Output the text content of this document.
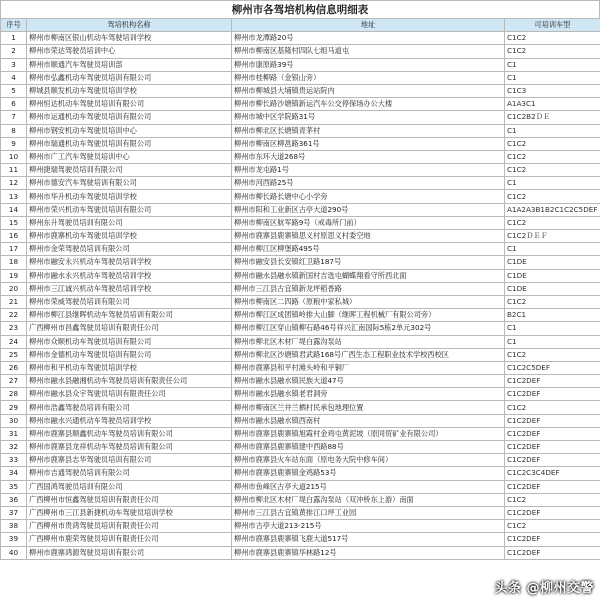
柳州市各驾培机构信息明细表
序号	驾培机构名称	地址	可培训车型
1	柳州市柳南区银山机动车驾驶培训学校	柳州市龙潭路20号	C1C2
2	柳州市荣达驾驶员培训中心	柳州市柳南区基隆村四队七组马道屯	C1C2
3	柳州市顺通汽车驾驶员培训部	柳州市康原路39号	C1
4	柳州市弘鑫机动车驾驶员培训有限公司	柳州市桂柳路（金银山旁）	C1
5	柳城县顺发机动车驾驶员培训学校	柳州市柳城县大埔镇贵运站院内	C1C3
6	柳州恒达机动车驾驶员培训有限公司	柳州市柳长路沙塘镇新运汽车公交停保场办公大楼	A1A3C1
7	柳州市运通机动车驾驶员培训有限公司	柳州市城中区学院路31号	C1C2B2ＤＥ
8	柳州市钢安机动车驾驶员培训中心	柳州市柳北区长塘镇青茅村	C1
9	柳州市瑞通机动车驾驶员培训有限公司	柳州市柳南区柳邕路361号	C1C2
10	柳州市广工汽车驾驶员培训中心	柳州市东环大道268号	C1C2
11	柳州捷瑞驾驶员培训有限公司	柳州市龙屯路1号	C1C2
12	柳州市德安汽车驾驶培训有限公司	柳州市河西路25号	C1
13	柳州市华升机动车驾驶员培训学校	柳州市柳长路长塘中心小学旁	C1C2
14	柳州市荣兴机动车驾驶员培训有限公司	柳州市阳和工业新区古亭大道290号	A1A2A3B1B2C1C2C5DEF
15	柳州东升驾驶员培训有限公司	柳州市柳南区航军路9号（戒毒所门前）	C1C2
16	柳州市鹿寨机动车驾驶员培训学校	柳州市鹿寨县鹿寨镇思义村原思义村委空地	C1C2ＤＥＦ
17	柳州市金荣驾驶员培训有限公司	柳州市柳江区柳堡路495号	C1
18	柳州市融安永兴机动车驾驶员培训学校	柳州市融安县长安镇红卫路187号	C1DE
19	柳州市融水永兴机动车驾驶员培训学校	柳州市融水县融水镇新国村吉选屯蝴蝶翔看守所西北面	C1DE
20	柳州市三江诚兴机动车驾驶员培训学校	柳州市三江县古宜镇新龙坪稻香路	C1DE
21	柳州市荣威驾驶员培训有限公司	柳州市柳南区二四路（原粮中家私城）	C1C2
22	柳州市柳江县继晖机动车驾驶员培训有限公司	柳州市柳江区成团镇岭排大山脚（继晖工程机械厂有限公司旁）	B2C1
23	广西柳州市昌鑫驾驶员培训有限责任公司	柳州市柳江区穿山镇柳石路46号祥兴汇南国际5栋2单元302号	C1
24	柳州市众顺机动车驾驶员培训有限公司	柳州市柳北区木材厂堤白露沟泵站	C1
25	柳州市金德机动车驾驶员培训有限公司	柳州市柳北区沙塘镇君武路168号广西生态工程职业技术学校西校区	C1C2
26	柳州市和平机动车驾驶员培训学校	柳州市鹿寨县和平村滩头岭和平铜厂	C1C2C5DEF
27	柳州市融水县融湘机动车驾驶员培训有限责任公司	柳州市融水县融水镇民族大道47号	C1C2DEF
28	柳州市融水县众宇驾驶员培训有限责任公司	柳州市融水县融水镇老君洞旁	C1C2DEF
29	柳州市浩鑫驾驶员培训有限公司	柳州市柳南区兰井兰栖村民承包地理位置	C1C2
30	柳州市融水兴通机动车驾驶员培训学校	柳州市融水县融水镇西南村	C1C2DEF
31	柳州市鹿寨县顺鑫机动车驾驶员培训有限公司	柳州市鹿寨县鹿寨镇旭霞村金鸡屯黄泥坡（原同贸矿业有限公司）	C1C2DEF
32	柳州市鹿寨县龙祥机动车驾驶员培训有限公司	柳州市鹿寨县鹿寨镇建中西路88号	C1C2DEF
33	柳州市鹿寨县志华驾驶员培训有限公司	柳州市鹿寨县火车站东面（原电务大院中修车间）	C1C2DEF
34	柳州市吉通驾驶员培训有限公司	柳州市鹿寨县鹿寨镇金鸡路53号	C1C2C3C4DEF
35	广西国鸿驾驶员培训有限公司	柳州市鱼峰区古亭大道215号	C1C2DEF
36	广西柳州市恒鑫驾驶员培训有限责任公司	柳州市柳北区木材厂堤白露沟泵站（双冲桥东上游）南面	C1C2
37	广西柳州市三江县新捷机动车驾驶员培训学校	柳州市三江县古宜镇黄排江口坪工业园	C1C2DEF
38	广西柳州市贵鸿驾驶员培训有限责任公司	柳州市古亭大道213-215号	C1C2
39	广西柳州市鹿荣驾驶员培训有限责任公司	柳州市鹿寨县鹿寨镇飞鹿大道517号	C1C2DEF
40	柳州市鹿寨鸿源驾驶员培训有限公司	柳州市鹿寨县鹿寨镇华林路12号	C1C2DEF
头条 @柳州交警
